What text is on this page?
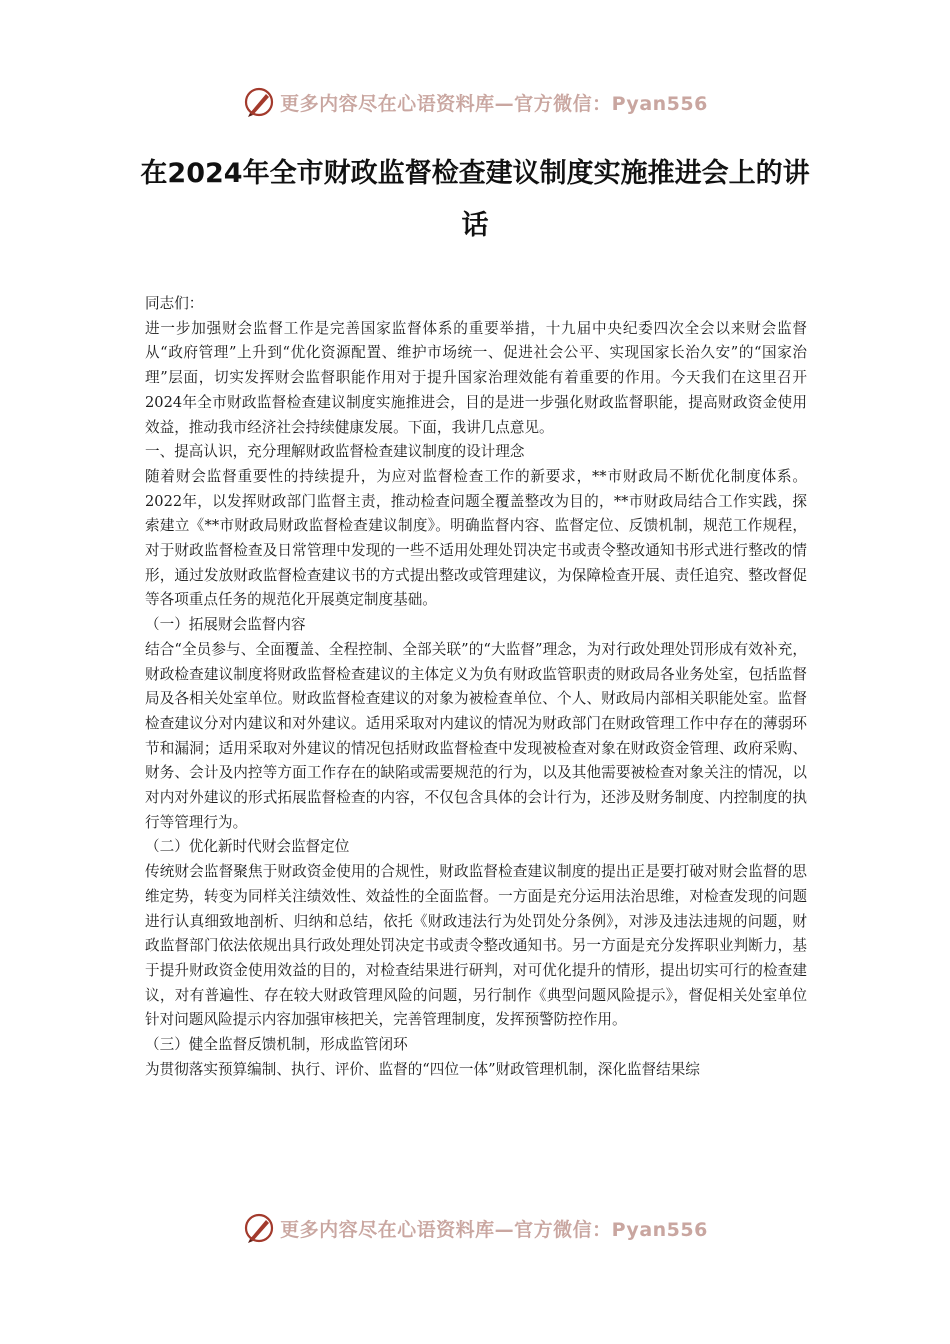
更多内容尽在心语资料库—官方微信：Pyan556
在2024年全市财政监督检查建议制度实施推进会上的讲话

同志们：

进一步加强财会监督工作是完善国家监督体系的重要举措，十九届中央纪委四次全会以来财会监督从“政府管理”上升到“优化资源配置、维护市场统一、促进社会公平、实现国家长治久安”的“国家治理”层面，切实发挥财会监督职能作用对于提升国家治理效能有着重要的作用。今天我们在这里召开2024年全市财政监督检查建议制度实施推进会，目的是进一步强化财政监督职能，提高财政资金使用效益，推动我市经济社会持续健康发展。下面，我讲几点意见。

一、提高认识，充分理解财政监督检查建议制度的设计理念

随着财会监督重要性的持续提升，为应对监督检查工作的新要求，**市财政局不断优化制度体系。2022年，以发挥财政部门监督主责，推动检查问题全覆盖整改为目的，**市财政局结合工作实践，探索建立《**市财政局财政监督检查建议制度》。明确监督内容、监督定位、反馈机制，规范工作规程，对于财政监督检查及日常管理中发现的一些不适用处理处罚决定书或责令整改通知书形式进行整改的情形，通过发放财政监督检查建议书的方式提出整改或管理建议，为保障检查开展、责任追究、整改督促等各项重点任务的规范化开展奠定制度基础。

（一）拓展财会监督内容

结合“全员参与、全面覆盖、全程控制、全部关联”的“大监督”理念，为对行政处理处罚形成有效补充，财政检查建议制度将财政监督检查建议的主体定义为负有财政监管职责的财政局各业务处室，包括监督局及各相关处室单位。财政监督检查建议的对象为被检查单位、个人、财政局内部相关职能处室。监督检查建议分对内建议和对外建议。适用采取对内建议的情况为财政部门在财政管理工作中存在的薄弱环节和漏洞；适用采取对外建议的情况包括财政监督检查中发现被检查对象在财政资金管理、政府采购、财务、会计及内控等方面工作存在的缺陷或需要规范的行为，以及其他需要被检查对象关注的情况，以对内对外建议的形式拓展监督检查的内容，不仅包含具体的会计行为，还涉及财务制度、内控制度的执行等管理行为。

（二）优化新时代财会监督定位

传统财会监督聚焦于财政资金使用的合规性，财政监督检查建议制度的提出正是要打破对财会监督的思维定势，转变为同样关注绩效性、效益性的全面监督。一方面是充分运用法治思维，对检查发现的问题进行认真细致地剖析、归纳和总结，依托《财政违法行为处罚处分条例》，对涉及违法违规的问题，财政监督部门依法依规出具行政处理处罚决定书或责令整改通知书。另一方面是充分发挥职业判断力，基于提升财政资金使用效益的目的，对检查结果进行研判，对可优化提升的情形，提出切实可行的检查建议，对有普遍性、存在较大财政管理风险的问题，另行制作《典型问题风险提示》，督促相关处室单位针对问题风险提示内容加强审核把关，完善管理制度，发挥预警防控作用。

（三）健全监督反馈机制，形成监管闭环

为贯彻落实预算编制、执行、评价、监督的“四位一体”财政管理机制，深化监督结果综

更多内容尽在心语资料库—官方微信：Pyan556
